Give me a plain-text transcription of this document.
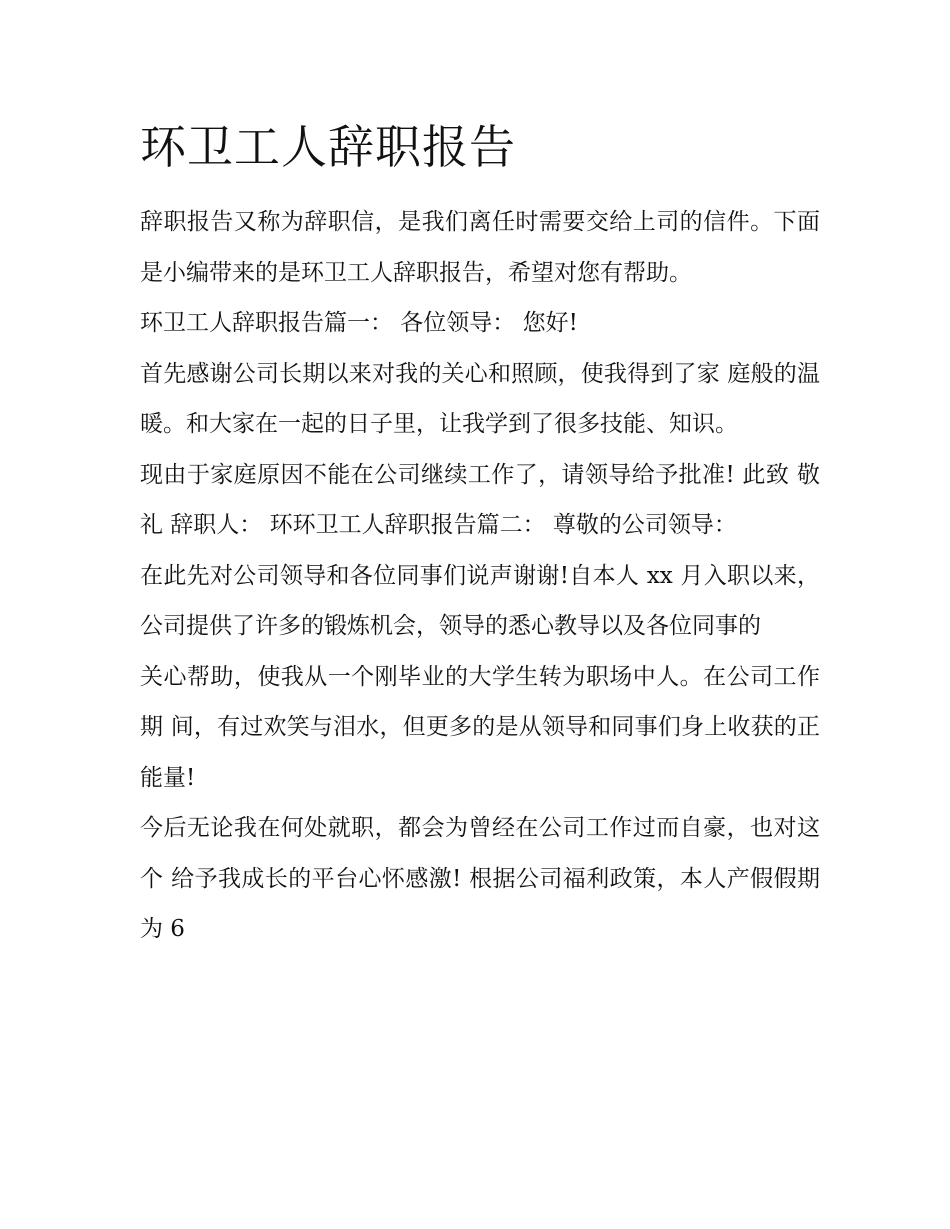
环卫工人辞职报告

辞职报告又称为辞职信，是我们离任时需要交给上司的信件。下面是小编带来的是环卫工人辞职报告，希望对您有帮助。

环卫工人辞职报告篇一： 各位领导： 您好!

首先感谢公司长期以来对我的关心和照顾，使我得到了家 庭般的温暖。和大家在一起的日子里，让我学到了很多技能、知识。

现由于家庭原因不能在公司继续工作了，请领导给予批准! 此致 敬礼 辞职人： 环环卫工人辞职报告篇二： 尊敬的公司领导：

在此先对公司领导和各位同事们说声谢谢!自本人 xx 月入职以来，公司提供了许多的锻炼机会，领导的悉心教导以及各位同事的

关心帮助，使我从一个刚毕业的大学生转为职场中人。在公司工作期 间，有过欢笑与泪水，但更多的是从领导和同事们身上收获的正能量!

今后无论我在何处就职，都会为曾经在公司工作过而自豪，也对这个 给予我成长的平台心怀感激! 根据公司福利政策，本人产假假期为 6
